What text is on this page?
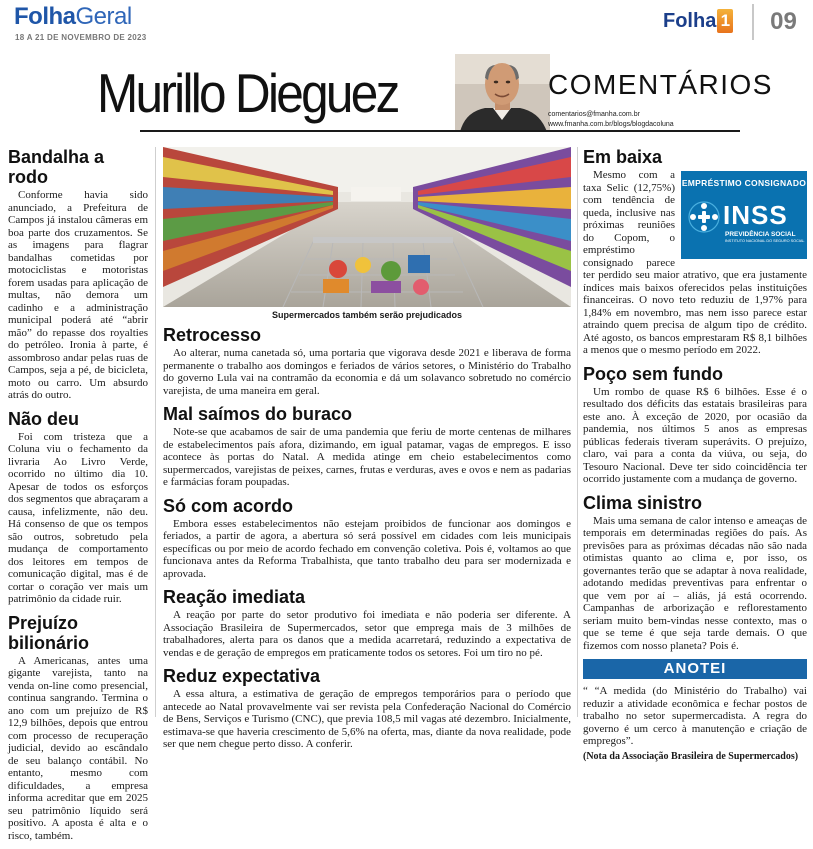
FolhaGeral
18 A 21 DE NOVEMBRO DE 2023
Folha 1	09
Murillo Dieguez	COMENTÁRIOS
comentarios@fmanha.com.br
www.fmanha.com.br/blogs/blogdacoluna
Bandalha a rodo

Conforme havia sido anunciado, a Prefeitura de Campos já instalou câmeras em boa parte dos cruzamentos. Se as imagens para flagrar bandalhas cometidas por motociclistas e motoristas forem usadas para aplicação de multas, não demora um cadinho e a administração municipal poderá até “abrir mão” do repasse dos royalties do petróleo. Ironia à parte, é assombroso andar pelas ruas de Campos, seja a pé, de bicicleta, moto ou carro. Um absurdo atrás do outro.

Não deu

Foi com tristeza que a Coluna viu o fechamento da livraria Ao Livro Verde, ocorrido no último dia 10. Apesar de todos os esforços dos segmentos que abraçaram a causa, infelizmente, não deu. Há consenso de que os tempos são outros, sobretudo pela mudança de comportamento dos leitores em tempos de comunicação digital, mas é de cortar o coração ver mais um patrimônio da cidade ruir.

Prejuízo bilionário

A Americanas, antes uma gigante varejista, tanto na venda on-line como presencial, continua sangrando. Termina o ano com um prejuízo de R$ 12,9 bilhões, depois que entrou com processo de recuperação judicial, devido ao escândalo de seu balanço contábil. No entanto, mesmo com dificuldades, a empresa informa acreditar que em 2025 seu patrimônio líquido será positivo. A aposta é alta e o risco, também.

Supermercados também serão prejudicados
Retrocesso

Ao alterar, numa canetada só, uma portaria que vigorava desde 2021 e liberava de forma permanente o trabalho aos domingos e feriados de vários setores, o Ministério do Trabalho do governo Lula vai na contramão da economia e dá um solavanco sobretudo no comércio varejista, de uma maneira em geral.

Mal saímos do buraco

Note-se que acabamos de sair de uma pandemia que feriu de morte centenas de milhares de estabelecimentos país afora, dizimando, em igual patamar, vagas de empregos. E isso acontece às portas do Natal. A medida atinge em cheio estabelecimentos como supermercados, varejistas de peixes, carnes, frutas e verduras, aves e ovos e nem as padarias e farmácias foram poupadas.

Só com acordo

Embora esses estabelecimentos não estejam proibidos de funcionar aos domingos e feriados, a partir de agora, a abertura só será possível em cidades com leis municipais específicas ou por meio de acordo fechado em convenção coletiva. Pois é, voltamos ao que funcionava antes da Reforma Trabalhista, que tanto trabalho deu para ser modernizada e aprovada.

Reação imediata

A reação por parte do setor produtivo foi imediata e não poderia ser diferente. A Associação Brasileira de Supermercados, setor que emprega mais de 3 milhões de trabalhadores, alerta para os danos que a medida acarretará, reduzindo a expectativa de vendas e de geração de empregos em praticamente todos os setores. Foi um tiro no pé.

Reduz expectativa

A essa altura, a estimativa de geração de empregos temporários para o período que antecede ao Natal provavelmente vai ser revista pela Confederação Nacional do Comércio de Bens, Serviços e Turismo (CNC), que previa 108,5 mil vagas até dezembro. Inicialmente, estimava-se que haveria crescimento de 5,6% na oferta, mas, diante da nova realidade, pode ser que nem chegue perto disso. A conferir.

Em baixa
EMPRÉSTIMO CONSIGNADO
INSS
PREVIDÊNCIA SOCIAL
INSTITUTO NACIONAL DO SEGURO SOCIAL

Mesmo com a taxa Selic (12,75%) com tendência de queda, inclusive nas próximas reuniões do Copom, o empréstimo consignado parece ter perdido seu maior atrativo, que era justamente índices mais baixos oferecidos pelas instituições financeiras. O novo teto reduziu de 1,97% para 1,84% em novembro, mas nem isso parece estar atraindo quem precisa de algum tipo de crédito. Até agosto, os bancos emprestaram R$ 8,1 bilhões a menos que o mesmo período em 2022.

Poço sem fundo

Um rombo de quase R$ 6 bilhões. Esse é o resultado dos déficits das estatais brasileiras para este ano. À exceção de 2020, por ocasião da pandemia, nos últimos 5 anos as empresas públicas federais tiveram superávits. O prejuízo, claro, vai para a conta da viúva, ou seja, do Tesouro Nacional. Deve ter sido coincidência ter ocorrido justamente com a mudança de governo.

Clima sinistro

Mais uma semana de calor intenso e ameaças de temporais em determinadas regiões do país. As previsões para as próximas décadas não são nada otimistas quanto ao clima e, por isso, os governantes terão que se adaptar à nova realidade, adotando medidas preventivas para enfrentar o que vem por aí – aliás, já está ocorrendo. Campanhas de arborização e reflorestamento seriam muito bem-vindas nesse contexto, mas o que se teme é que seja tarde demais. O que fizemos com nosso planeta? Pois é.

ANOTEI

“ “A medida (do Ministério do Trabalho) vai reduzir a atividade econômica e fechar postos de trabalho no setor supermercadista. A regra do governo é um cerco à manutenção e criação de empregos”.

(Nota da Associação Brasileira de Supermercados)
